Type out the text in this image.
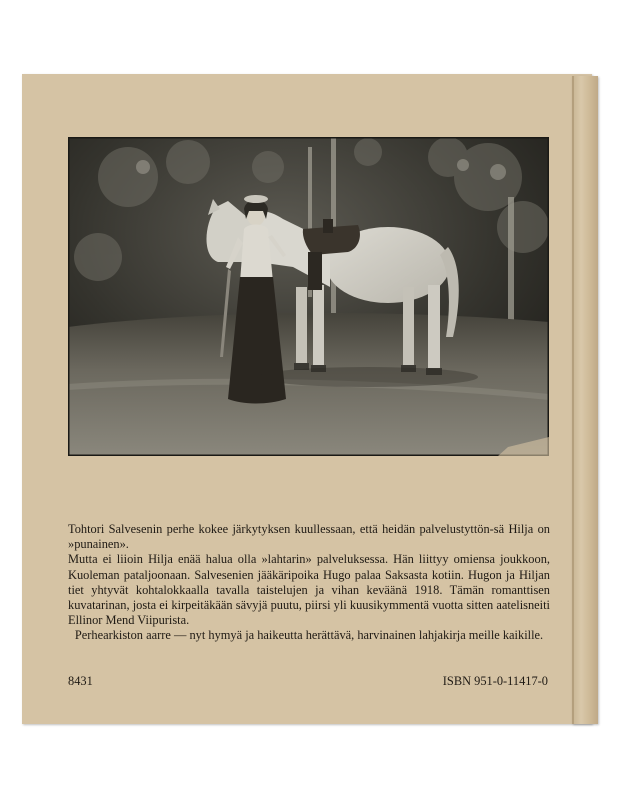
Tohtori Salvesenin perhe kokee järkytyksen kuullessaan, että heidän palvelustyttön-sä Hilja on »punainen».

Mutta ei liioin Hilja enää halua olla »lahtarin» palveluksessa. Hän liittyy omiensa joukkoon, Kuoleman pataljoonaan. Salvesenien jääkäripoika Hugo palaa Saksasta kotiin. Hugon ja Hiljan tiet yhtyvät kohtalokkaalla tavalla taistelujen ja vihan keväänä 1918. Tämän romanttisen kuvatarinan, josta ei kirpeitäkään sävyjä puutu, piirsi yli kuusikymmentä vuotta sitten aatelisneiti Ellinor Mend Viipurista.

Perhearkiston aarre — nyt hymyä ja haikeutta herättävä, harvinainen lahjakirja meille kaikille.

8431	ISBN 951-0-11417-0
